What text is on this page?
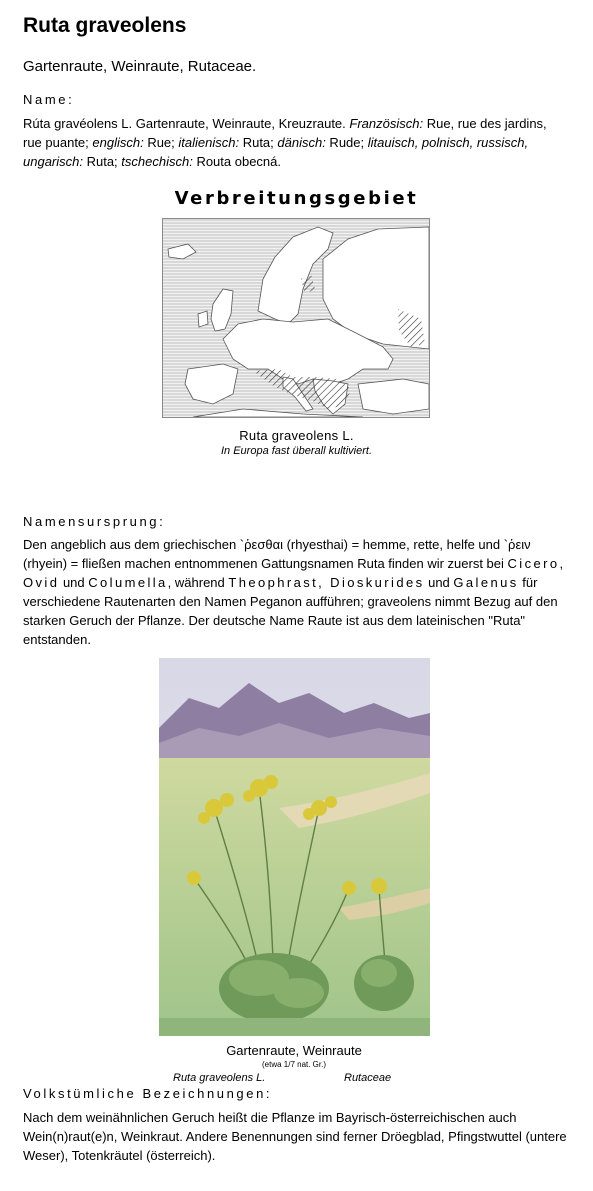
Ruta graveolens
Gartenraute, Weinraute, Rutaceae.
Name:
Rúta gravéolens L. Gartenraute, Weinraute, Kreuzraute. Französisch: Rue, rue des jardins, rue puante; englisch: Rue; italienisch: Ruta; dänisch: Rude; litauisch, polnisch, russisch, ungarisch: Ruta; tschechisch: Routa obecná.
Verbreitungsgebiet
Ruta graveolens L.
In Europa fast überall kultiviert.
Namensursprung:
Den angeblich aus dem griechischen `ῥεσθαι (rhyesthai) = hemme, rette, helfe und `ῥειν (rhyein) = fließen machen entnommenen Gattungsnamen Ruta finden wir zuerst bei Cicero, Ovid und Columella, während Theophrast, Dioskurides und Galenus für verschiedene Rautenarten den Namen Peganon aufführen; graveolens nimmt Bezug auf den starken Geruch der Pflanze. Der deutsche Name Raute ist aus dem lateinischen "Ruta" entstanden.
Gartenraute, Weinraute
(etwa 1/7 nat. Gr.)
Ruta graveolens L.	Rutaceae
Volkstümliche Bezeichnungen:
Nach dem weinähnlichen Geruch heißt die Pflanze im Bayrisch-österreichischen auch Wein(n)raut(e)n, Weinkraut. Andere Benennungen sind ferner Dröegblad, Pfingstwuttel (untere Weser), Totenkräutel (österreich).
